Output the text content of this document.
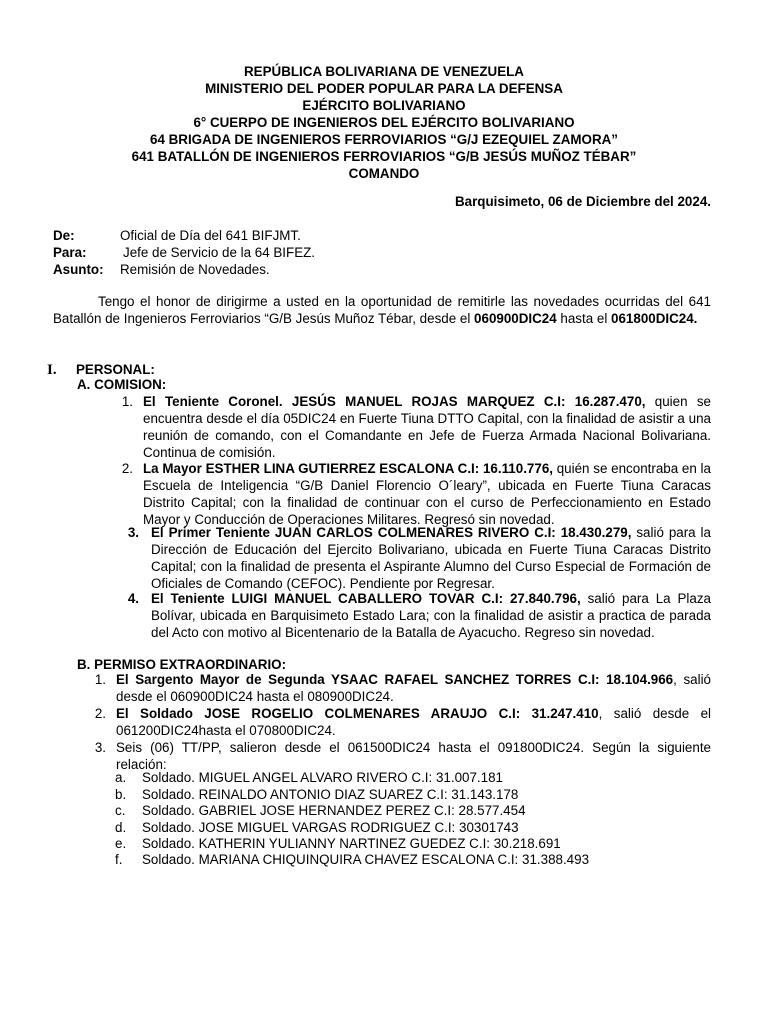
REPÚBLICA BOLIVARIANA DE VENEZUELA
MINISTERIO DEL PODER POPULAR PARA LA DEFENSA
EJÉRCITO BOLIVARIANO
6° CUERPO DE INGENIEROS DEL EJÉRCITO BOLIVARIANO
64 BRIGADA DE INGENIEROS FERROVIARIOS “G/J EZEQUIEL ZAMORA”
641 BATALLÓN DE INGENIEROS FERROVIARIOS “G/B JESÚS MUÑOZ TÉBAR”
COMANDO
Barquisimeto, 06 de Diciembre del 2024.
De:	Oficial de Día del 641 BIFJMT.
Para:	Jefe de Servicio de la 64 BIFEZ.
Asunto: Remisión de Novedades.

Tengo el honor de dirigirme a usted en la oportunidad de remitirle las novedades ocurridas del 641 Batallón de Ingenieros Ferroviarios “G/B Jesús Muñoz Tébar, desde el 060900DIC24 hasta el 061800DIC24.

I. PERSONAL:
A. COMISION:
1. El Teniente Coronel. JESÚS MANUEL ROJAS MARQUEZ C.I: 16.287.470, quien se encuentra desde el día 05DIC24 en Fuerte Tiuna DTTO Capital, con la finalidad de asistir a una reunión de comando, con el Comandante en Jefe de Fuerza Armada Nacional Bolivariana. Continua de comisión.
2. La Mayor ESTHER LINA GUTIERREZ ESCALONA C.I: 16.110.776, quién se encontraba en la Escuela de Inteligencia “G/B Daniel Florencio O´leary”, ubicada en Fuerte Tiuna Caracas Distrito Capital; con la finalidad de continuar con el curso de Perfeccionamiento en Estado Mayor y Conducción de Operaciones Militares. Regresó sin novedad.
3. El Primer Teniente JUAN CARLOS COLMENARES RIVERO C.I: 18.430.279, salió para la Dirección de Educación del Ejercito Bolivariano, ubicada en Fuerte Tiuna Caracas Distrito Capital; con la finalidad de presenta el Aspirante Alumno del Curso Especial de Formación de Oficiales de Comando (CEFOC). Pendiente por Regresar.
4. El Teniente LUIGI MANUEL CABALLERO TOVAR C.I: 27.840.796, salió para La Plaza Bolívar, ubicada en Barquisimeto Estado Lara; con la finalidad de asistir a practica de parada del Acto con motivo al Bicentenario de la Batalla de Ayacucho. Regreso sin novedad.
B. PERMISO EXTRAORDINARIO:
1. El Sargento Mayor de Segunda YSAAC RAFAEL SANCHEZ TORRES C.I: 18.104.966, salió desde el 060900DIC24 hasta el 080900DIC24.
2. El Soldado JOSE ROGELIO COLMENARES ARAUJO C.I: 31.247.410, salió desde el 061200DIC24hasta el 070800DIC24.
3. Seis (06) TT/PP, salieron desde el 061500DIC24 hasta el 091800DIC24. Según la siguiente relación:
a. Soldado. MIGUEL ANGEL ALVARO RIVERO C.I: 31.007.181
b. Soldado. REINALDO ANTONIO DIAZ SUAREZ C.I: 31.143.178
c. Soldado. GABRIEL JOSE HERNANDEZ PEREZ C.I: 28.577.454
d. Soldado. JOSE MIGUEL VARGAS RODRIGUEZ C.I: 30301743
e. Soldado. KATHERIN YULIANNY NARTINEZ GUEDEZ C.I: 30.218.691
f. Soldado. MARIANA CHIQUINQUIRA CHAVEZ ESCALONA C.I: 31.388.493
